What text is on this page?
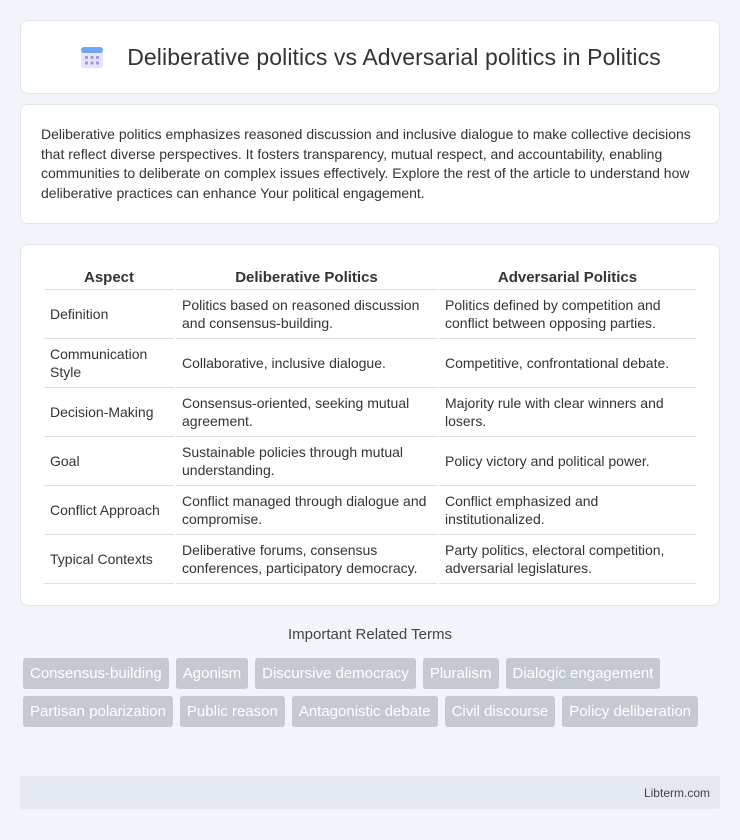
Deliberative politics vs Adversarial politics in Politics

Deliberative politics emphasizes reasoned discussion and inclusive dialogue to make collective decisions that reflect diverse perspectives. It fosters transparency, mutual respect, and accountability, enabling communities to deliberate on complex issues effectively. Explore the rest of the article to understand how deliberative practices can enhance Your political engagement.

Aspect	Deliberative Politics	Adversarial Politics
Definition	Politics based on reasoned discussion and consensus-building.	Politics defined by competition and conflict between opposing parties.
Communication Style	Collaborative, inclusive dialogue.	Competitive, confrontational debate.
Decision-Making	Consensus-oriented, seeking mutual agreement.	Majority rule with clear winners and losers.
Goal	Sustainable policies through mutual understanding.	Policy victory and political power.
Conflict Approach	Conflict managed through dialogue and compromise.	Conflict emphasized and institutionalized.
Typical Contexts	Deliberative forums, consensus conferences, participatory democracy.	Party politics, electoral competition, adversarial legislatures.
Important Related Terms
Consensus-building	Agonism	Discursive democracy	Pluralism	Dialogic engagement
Partisan polarization	Public reason	Antagonistic debate	Civil discourse	Policy deliberation
Libterm.com
